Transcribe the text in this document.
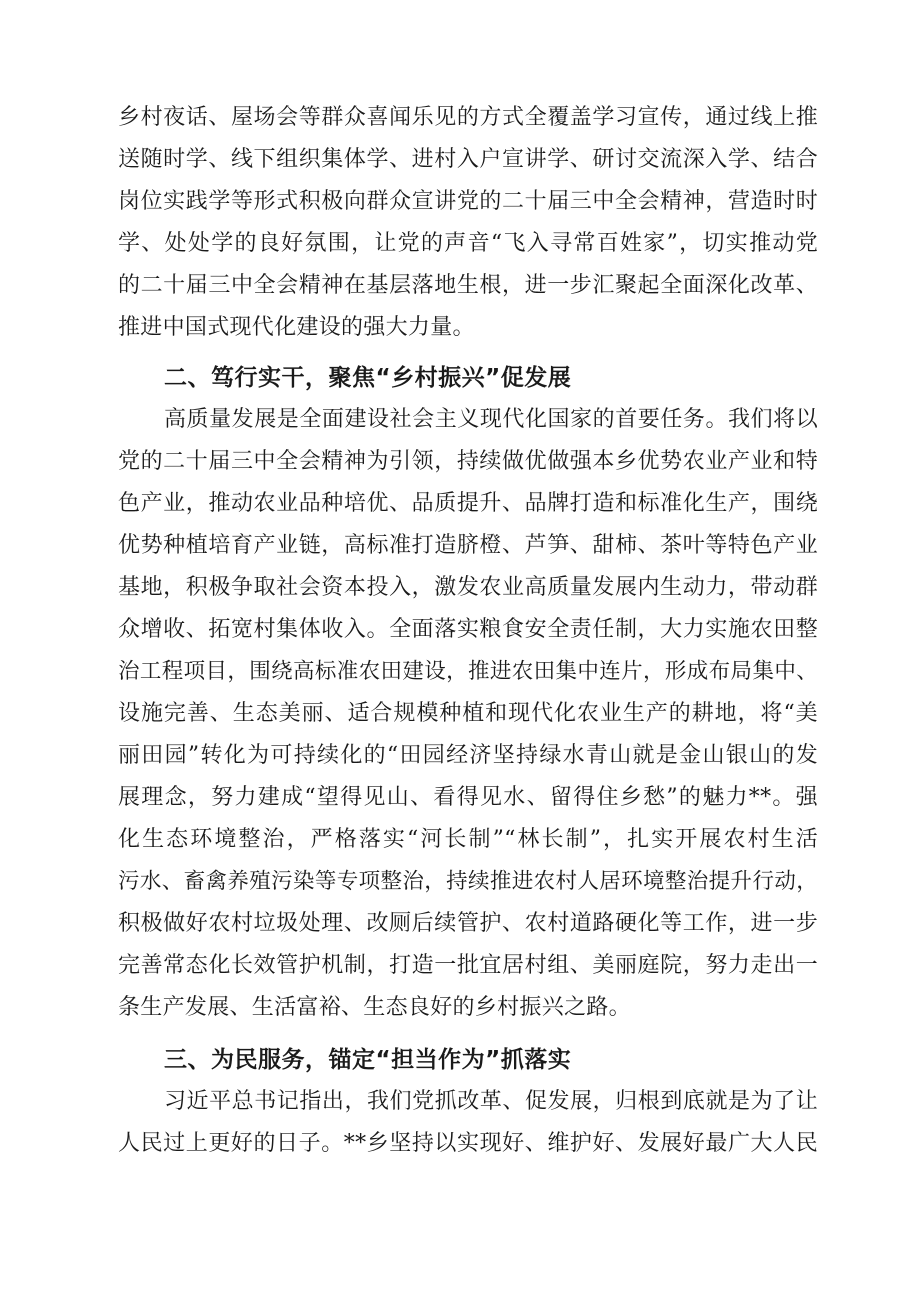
乡村夜话、屋场会等群众喜闻乐见的方式全覆盖学习宣传，通过线上推
送随时学、线下组织集体学、进村入户宣讲学、研讨交流深入学、结合
岗位实践学等形式积极向群众宣讲党的二十届三中全会精神，营造时时
学、处处学的良好氛围，让党的声音“飞入寻常百姓家”，切实推动党
的二十届三中全会精神在基层落地生根，进一步汇聚起全面深化改革、
推进中国式现代化建设的强大力量。
二、笃行实干，聚焦“乡村振兴”促发展
高质量发展是全面建设社会主义现代化国家的首要任务。我们将以
党的二十届三中全会精神为引领，持续做优做强本乡优势农业产业和特
色产业，推动农业品种培优、品质提升、品牌打造和标准化生产，围绕
优势种植培育产业链，高标准打造脐橙、芦笋、甜柿、茶叶等特色产业
基地，积极争取社会资本投入，激发农业高质量发展内生动力，带动群
众增收、拓宽村集体收入。全面落实粮食安全责任制，大力实施农田整
治工程项目，围绕高标准农田建设，推进农田集中连片，形成布局集中、
设施完善、生态美丽、适合规模种植和现代化农业生产的耕地，将“美
丽田园”转化为可持续化的“田园经济坚持绿水青山就是金山银山的发
展理念，努力建成“望得见山、看得见水、留得住乡愁”的魅力**。强
化生态环境整治，严格落实“河长制”“林长制”，扎实开展农村生活
污水、畜禽养殖污染等专项整治，持续推进农村人居环境整治提升行动，
积极做好农村垃圾处理、改厕后续管护、农村道路硬化等工作，进一步
完善常态化长效管护机制，打造一批宜居村组、美丽庭院，努力走出一
条生产发展、生活富裕、生态良好的乡村振兴之路。
三、为民服务，锚定“担当作为”抓落实
习近平总书记指出，我们党抓改革、促发展，归根到底就是为了让
人民过上更好的日子。**乡坚持以实现好、维护好、发展好最广大人民
